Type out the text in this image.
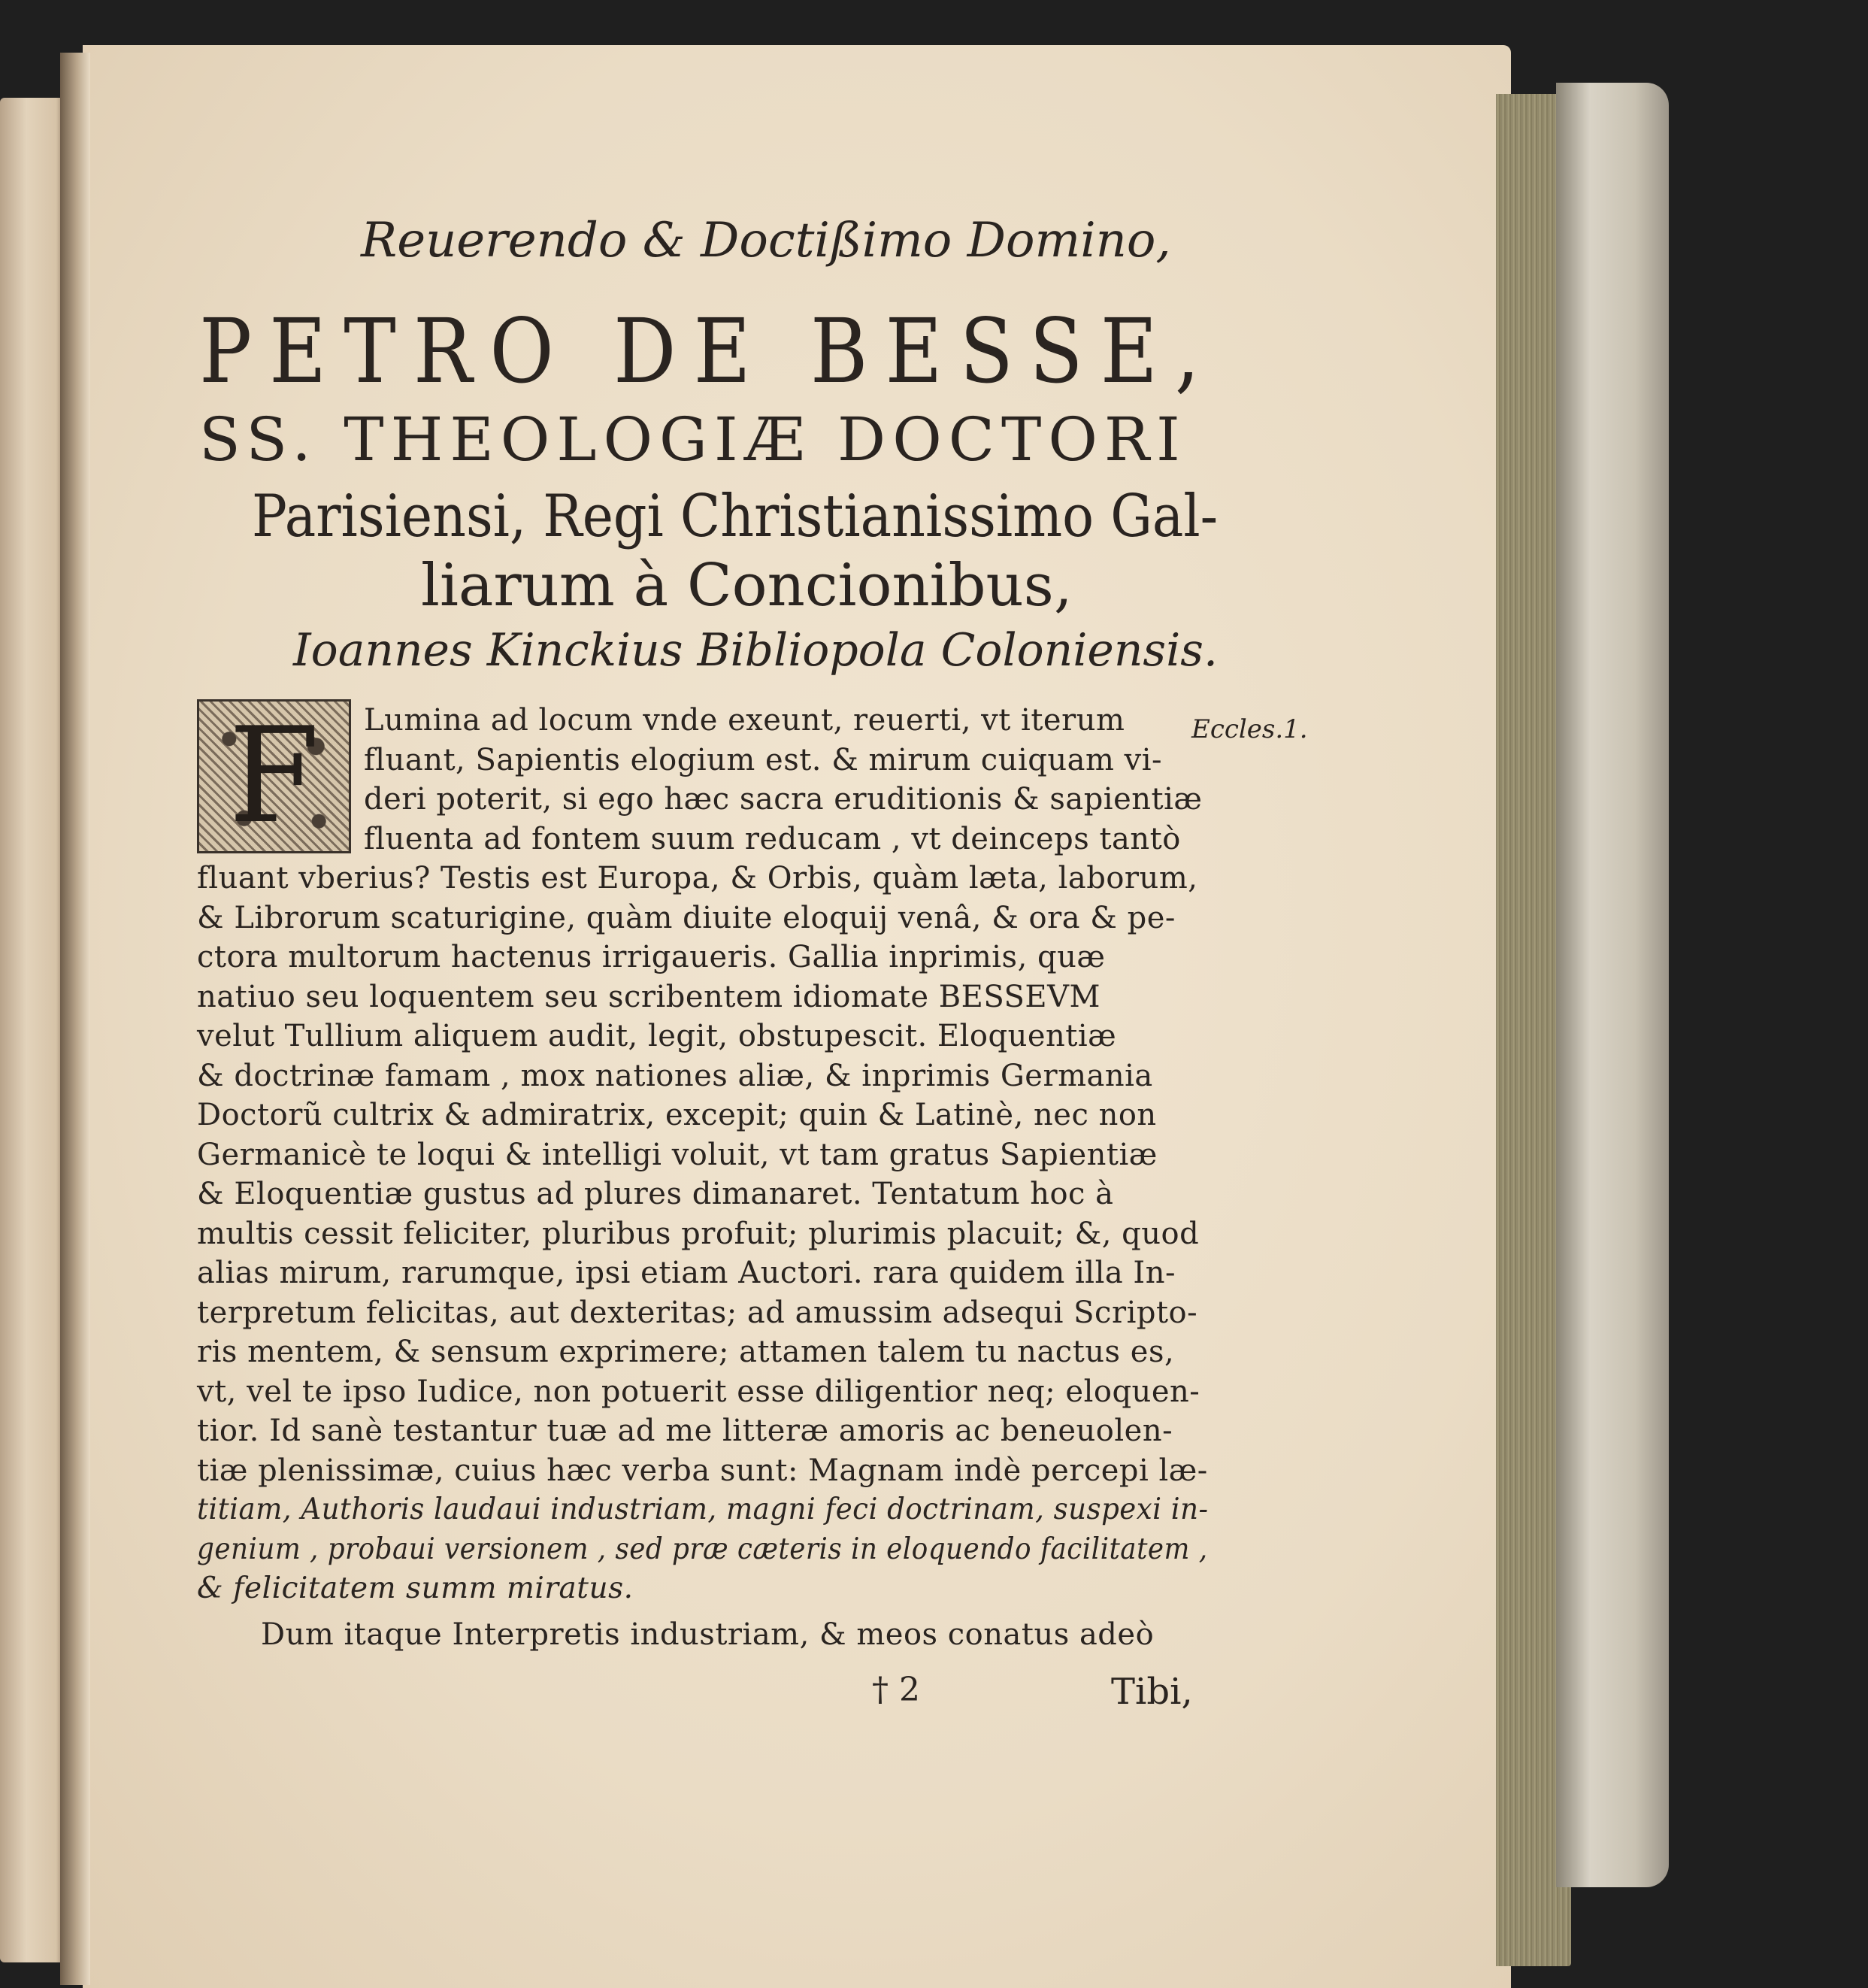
Reuerendo & Doctißimo Domino,
PETRO DE BESSE,
SS. THEOLOGIÆ DOCTORI
Parisiensi, Regi Christianissimo Gal-
liarum à Concionibus,
Ioannes Kinckius Bibliopola Coloniensis.
F	Eccles.1.
Lumina ad locum vnde exeunt, reuerti, vt iterum
fluant, Sapientis elogium est. & mirum cuiquam vi-
deri poterit, si ego hæc sacra eruditionis & sapientiæ
fluenta ad fontem suum reducam , vt deinceps tantò
fluant vberius? Testis est Europa, & Orbis, quàm læta, laborum,
& Librorum scaturigine, quàm diuite eloquij venâ, & ora & pe-
ctora multorum hactenus irrigaueris. Gallia inprimis, quæ
natiuo seu loquentem seu scribentem idiomate BESSEVM
velut Tullium aliquem audit, legit, obstupescit. Eloquentiæ
& doctrinæ famam , mox nationes aliæ, & inprimis Germania
Doctorũ cultrix & admiratrix, excepit; quin & Latinè, nec non
Germanicè te loqui & intelligi voluit, vt tam gratus Sapientiæ
& Eloquentiæ gustus ad plures dimanaret. Tentatum hoc à
multis cessit feliciter, pluribus profuit; plurimis placuit; &, quod
alias mirum, rarumque, ipsi etiam Auctori. rara quidem illa In-
terpretum felicitas, aut dexteritas; ad amussim adsequi Scripto-
ris mentem, & sensum exprimere; attamen talem tu nactus es,
vt, vel te ipso Iudice, non potuerit esse diligentior neq; eloquen-
tior. Id sanè testantur tuæ ad me litteræ amoris ac beneuolen-
tiæ plenissimæ, cuius hæc verba sunt: Magnam indè percepi læ-
titiam, Authoris laudaui industriam, magni feci doctrinam, suspexi in-
genium , probaui versionem , sed præ cæteris in eloquendo facilitatem ,
& felicitatem summ miratus.
Dum itaque Interpretis industriam, & meos conatus adeò
† 2	Tibi,
